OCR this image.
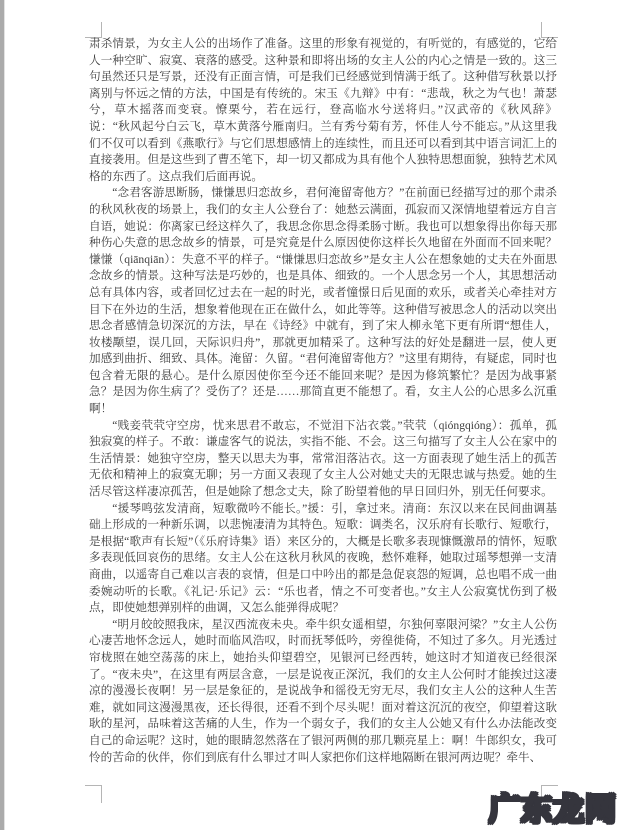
肃杀情景，为女主人公的出场作了准备。这里的形象有视觉的，有听觉的，有感觉的，它给人一种空旷、寂寞、衰落的感受。这种景和即将出场的女主人公的内心之情是一致的。这三句虽然还只是写景，还没有正面言情，可是我们已经感觉到情满于纸了。这种借写秋景以抒离别与怀远之情的方法，中国是有传统的。宋玉《九辩》中有：“悲哉，秋之为气也！萧瑟兮，草木摇落而变衰。憭栗兮，若在远行，登高临水兮送将归。”汉武帝的《秋风辞》说：“秋风起兮白云飞，草木黄落兮雁南归。兰有秀兮菊有芳，怀佳人兮不能忘。”从这里我们不仅可以看到《燕歌行》与它们思想感情上的连续性，而且还可以看到其中语言词汇上的直接袭用。但是这些到了曹丕笔下，却一切又都成为具有他个人独特思想面貌，独特艺术风格的东西了。这点我们后面再说。

“念君客游思断肠，慊慊思归恋故乡，君何淹留寄他方？”在前面已经描写过的那个肃杀的秋风秋夜的场景上，我们的女主人公登台了：她愁云满面，孤寂而又深情地望着远方自言自语，她说：你离家已经这样久了，我思念你思念得柔肠寸断。我也可以想象得出你每天那种伤心失意的思念故乡的情景，可是究竟是什么原因使你这样长久地留在外面而不回来呢？慊慊（qiānqiān）：失意不平的样子。“慊慊思归恋故乡”是女主人公在想象她的丈夫在外面思念故乡的情景。这种写法是巧妙的，也是具体、细致的。一个人思念另一个人，其思想活动总有具体内容，或者回忆过去在一起的时光，或者憧憬日后见面的欢乐，或者关心牵挂对方目下在外边的生活，想象着他现在正在做什么，如此等等。这种借写被思念人的活动以突出思念者感情急切深沉的方法，早在《诗经》中就有，到了宋人柳永笔下更有所谓“想佳人，妆楼颙望，误几回，天际识归舟”，那就更加精采了。这种写法的好处是翻进一层，使人更加感到曲折、细致、具体。淹留：久留。“君何淹留寄他方？”这里有期待，有疑虑，同时也包含着无限的悬心。是什么原因使你至今还不能回来呢？是因为修筑繁忙？是因为战事紧急？是因为你生病了？受伤了？还是……那简直更不能想了。看，女主人公的心思多么沉重啊！

“贱妾茕茕守空房，忧来思君不敢忘，不觉泪下沾衣裳。”茕茕（qióngqióng）：孤单，孤独寂寞的样子。不敢：谦虚客气的说法，实指不能、不会。这三句描写了女主人公在家中的生活情景：她独守空房，整天以思夫为事，常常泪落沾衣。这一方面表现了她生活上的孤苦无依和精神上的寂寞无聊；另一方面又表现了女主人公对她丈夫的无限忠诚与热爱。她的生活尽管这样凄凉孤苦，但是她除了想念丈夫，除了盼望着他的早日回归外，别无任何要求。

“援琴鸣弦发清商，短歌微吟不能长。”援：引，拿过来。清商：东汉以来在民间曲调基础上形成的一种新乐调，以悲惋凄清为其特色。短歌：调类名，汉乐府有长歌行、短歌行，是根据“歌声有长短”（《乐府诗集》语）来区分的，大概是长歌多表现慷慨激昂的情怀，短歌多表现低回哀伤的思绪。女主人公在这秋月秋风的夜晚，愁怀难释，她取过瑶琴想弹一支清商曲，以遥寄自己难以言表的哀情，但是口中吟出的都是急促哀怨的短调，总也唱不成一曲委婉动听的长歌。《礼记·乐记》云：“乐也者，情之不可变者也。”女主人公寂寞忧伤到了极点，即使她想弹别样的曲调，又怎么能弹得成呢？

“明月皎皎照我床，星汉西流夜未央。牵牛织女遥相望，尔独何辜限河梁？”女主人公伤心凄苦地怀念远人，她时而临风浩叹，时而抚琴低吟，旁徨徙倚，不知过了多久。月光透过帘栊照在她空荡荡的床上，她抬头仰望碧空，见银河已经西转，她这时才知道夜已经很深了。“夜未央”，在这里有两层含意，一层是说夜正深沉，我们的女主人公何时才能挨过这凄凉的漫漫长夜啊！另一层是象征的，是说战争和徭役无穷无尽，我们女主人公的这种人生苦难，就如同这漫漫黑夜，还长得很，还看不到个尽头呢！面对着这沉沉的夜空，仰望着这耿耿的星河，品味着这苦痛的人生，作为一个弱女子，我们的女主人公她又有什么办法能改变自己的命运呢？这时，她的眼睛忽然落在了银河两侧的那几颗亮星上：啊！牛郎织女，我可怜的苦命的伙伴，你们到底有什么罪过才叫人家把你们这样地隔断在银河两边呢？牵牛、

广东龙网
